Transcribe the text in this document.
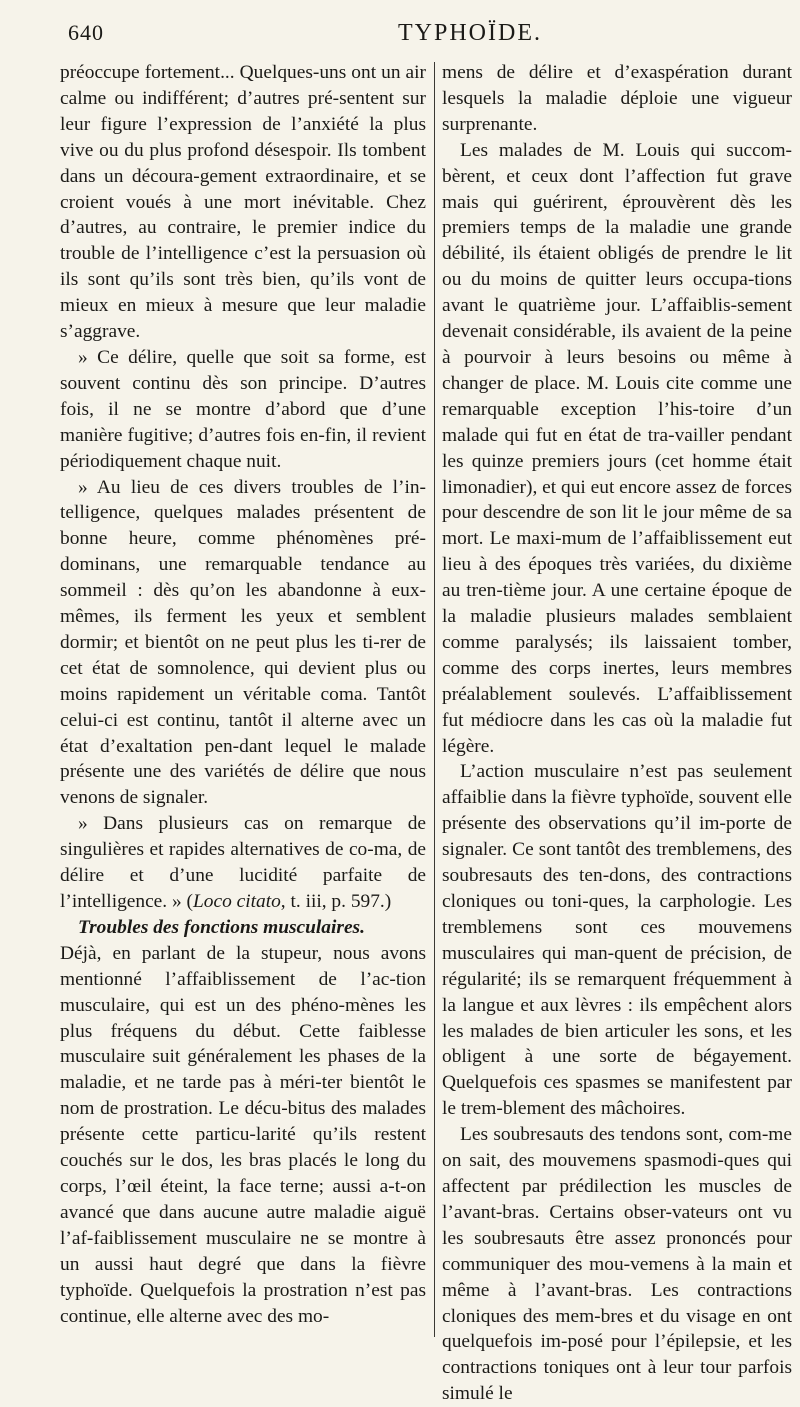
640	TYPHOÏDE.

préoccupe fortement... Quelques-uns ont un air calme ou indifférent; d’autres pré-sentent sur leur figure l’expression de l’anxiété la plus vive ou du plus profond désespoir. Ils tombent dans un découra-gement extraordinaire, et se croient voués à une mort inévitable. Chez d’autres, au contraire, le premier indice du trouble de l’intelligence c’est la persuasion où ils sont qu’ils sont très bien, qu’ils vont de mieux en mieux à mesure que leur maladie s’aggrave.

» Ce délire, quelle que soit sa forme, est souvent continu dès son principe. D’autres fois, il ne se montre d’abord que d’une manière fugitive; d’autres fois en-fin, il revient périodiquement chaque nuit.

» Au lieu de ces divers troubles de l’in-telligence, quelques malades présentent de bonne heure, comme phénomènes pré-dominans, une remarquable tendance au sommeil : dès qu’on les abandonne à eux-mêmes, ils ferment les yeux et semblent dormir; et bientôt on ne peut plus les ti-rer de cet état de somnolence, qui devient plus ou moins rapidement un véritable coma. Tantôt celui-ci est continu, tantôt il alterne avec un état d’exaltation pen-dant lequel le malade présente une des variétés de délire que nous venons de signaler.

» Dans plusieurs cas on remarque de singulières et rapides alternatives de co-ma, de délire et d’une lucidité parfaite de l’intelligence. » (Loco citato, t. iii, p. 597.)

Troubles des fonctions musculaires.

Déjà, en parlant de la stupeur, nous avons mentionné l’affaiblissement de l’ac-tion musculaire, qui est un des phéno-mènes les plus fréquens du début. Cette faiblesse musculaire suit généralement les phases de la maladie, et ne tarde pas à méri-ter bientôt le nom de prostration. Le décu-bitus des malades présente cette particu-larité qu’ils restent couchés sur le dos, les bras placés le long du corps, l’œil éteint, la face terne; aussi a-t-on avancé que dans aucune autre maladie aiguë l’af-faiblissement musculaire ne se montre à un aussi haut degré que dans la fièvre typhoïde. Quelquefois la prostration n’est pas continue, elle alterne avec des mo-

mens de délire et d’exaspération durant lesquels la maladie déploie une vigueur surprenante.

Les malades de M. Louis qui succom-bèrent, et ceux dont l’affection fut grave mais qui guérirent, éprouvèrent dès les premiers temps de la maladie une grande débilité, ils étaient obligés de prendre le lit ou du moins de quitter leurs occupa-tions avant le quatrième jour. L’affaiblis-sement devenait considérable, ils avaient de la peine à pourvoir à leurs besoins ou même à changer de place. M. Louis cite comme une remarquable exception l’his-toire d’un malade qui fut en état de tra-vailler pendant les quinze premiers jours (cet homme était limonadier), et qui eut encore assez de forces pour descendre de son lit le jour même de sa mort. Le maxi-mum de l’affaiblissement eut lieu à des époques très variées, du dixième au tren-tième jour. A une certaine époque de la maladie plusieurs malades semblaient comme paralysés; ils laissaient tomber, comme des corps inertes, leurs membres préalablement soulevés. L’affaiblissement fut médiocre dans les cas où la maladie fut légère.

L’action musculaire n’est pas seulement affaiblie dans la fièvre typhoïde, souvent elle présente des observations qu’il im-porte de signaler. Ce sont tantôt des tremblemens, des soubresauts des ten-dons, des contractions cloniques ou toni-ques, la carphologie. Les tremblemens sont ces mouvemens musculaires qui man-quent de précision, de régularité; ils se remarquent fréquemment à la langue et aux lèvres : ils empêchent alors les malades de bien articuler les sons, et les obligent à une sorte de bégayement. Quelquefois ces spasmes se manifestent par le trem-blement des mâchoires.

Les soubresauts des tendons sont, com-me on sait, des mouvemens spasmodi-ques qui affectent par prédilection les muscles de l’avant-bras. Certains obser-vateurs ont vu les soubresauts être assez prononcés pour communiquer des mou-vemens à la main et même à l’avant-bras. Les contractions cloniques des mem-bres et du visage en ont quelquefois im-posé pour l’épilepsie, et les contractions toniques ont à leur tour parfois simulé le
